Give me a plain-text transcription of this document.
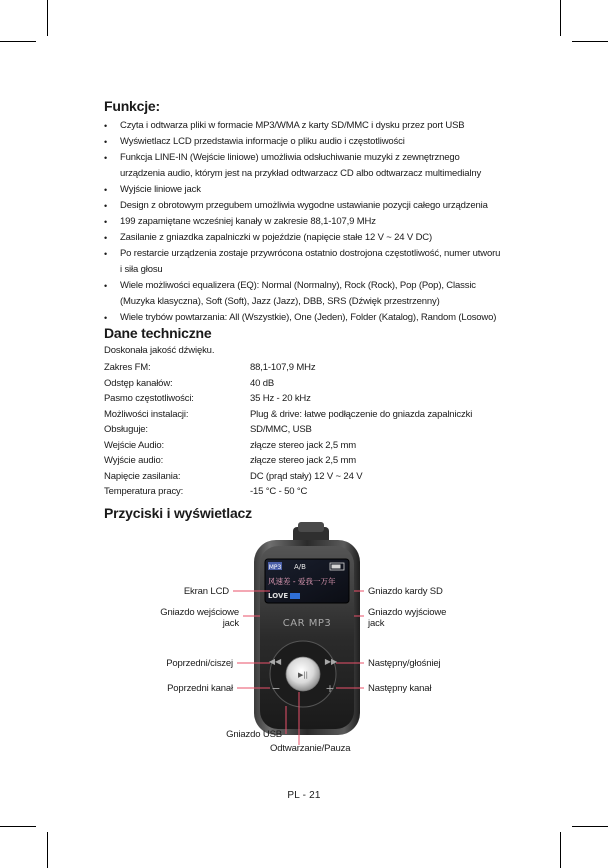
Funkcje:
• Czyta i odtwarza pliki w formacie MP3/WMA z karty SD/MMC i dysku przez port USB
• Wyświetlacz LCD przedstawia informacje o pliku audio i częstotliwości
• Funkcja LINE-IN (Wejście liniowe) umożliwia odsłuchiwanie muzyki z zewnętrznego urządzenia audio, którym jest na przykład odtwarzacz CD albo odtwarzacz multimedialny
• Wyjście liniowe jack
• Design z obrotowym przegubem umożliwia wygodne ustawianie pozycji całego urządzenia
• 199 zapamiętane wcześniej kanały w zakresie 88,1-107,9 MHz
• Zasilanie z gniazdka zapalniczki w pojeździe (napięcie stałe 12 V ~ 24 V DC)
• Po restarcie urządzenia zostaje przywrócona ostatnio dostrojona częstotliwość, numer utworu i siła głosu
• Wiele możliwości equalizera (EQ): Normal (Normalny), Rock (Rock), Pop (Pop), Classic (Muzyka klasyczna), Soft (Soft), Jazz (Jazz), DBB, SRS (Dźwięk przestrzenny)
• Wiele trybów powtarzania: All (Wszystkie), One (Jeden), Folder (Katalog), Random (Losowo)
Dane techniczne
Doskonała jakość dźwięku.
Zakres FM:	88,1-107,9 MHz
Odstęp kanałów:	40 dB
Pasmo częstotliwości:	35 Hz - 20 kHz
Możliwości instalacji:	Plug & drive: łatwe podłączenie do gniazda zapalniczki
Obsługuje:	SD/MMC, USB
Wejście Audio:	złącze stereo jack 2,5 mm
Wyjście audio:	złącze stereo jack 2,5 mm
Napięcie zasilania:	DC (prąd stały) 12 V ~ 24 V
Temperatura pracy:	-15 °C - 50 °C
Przyciski i wyświetlacz
MP3 A/B
风速差 - 爱我一万年
LOVE
CAR MP3
◀◀	▶▶
−	+
▶||
Ekran LCD
Gniazdo wejściowe jack
Poprzedni/ciszej
Poprzedni kanał
Gniazdo USB
Odtwarzanie/Pauza
Gniazdo kardy SD
Gniazdo wyjściowe jack
Następny/głośniej
Następny kanał
PL - 21
